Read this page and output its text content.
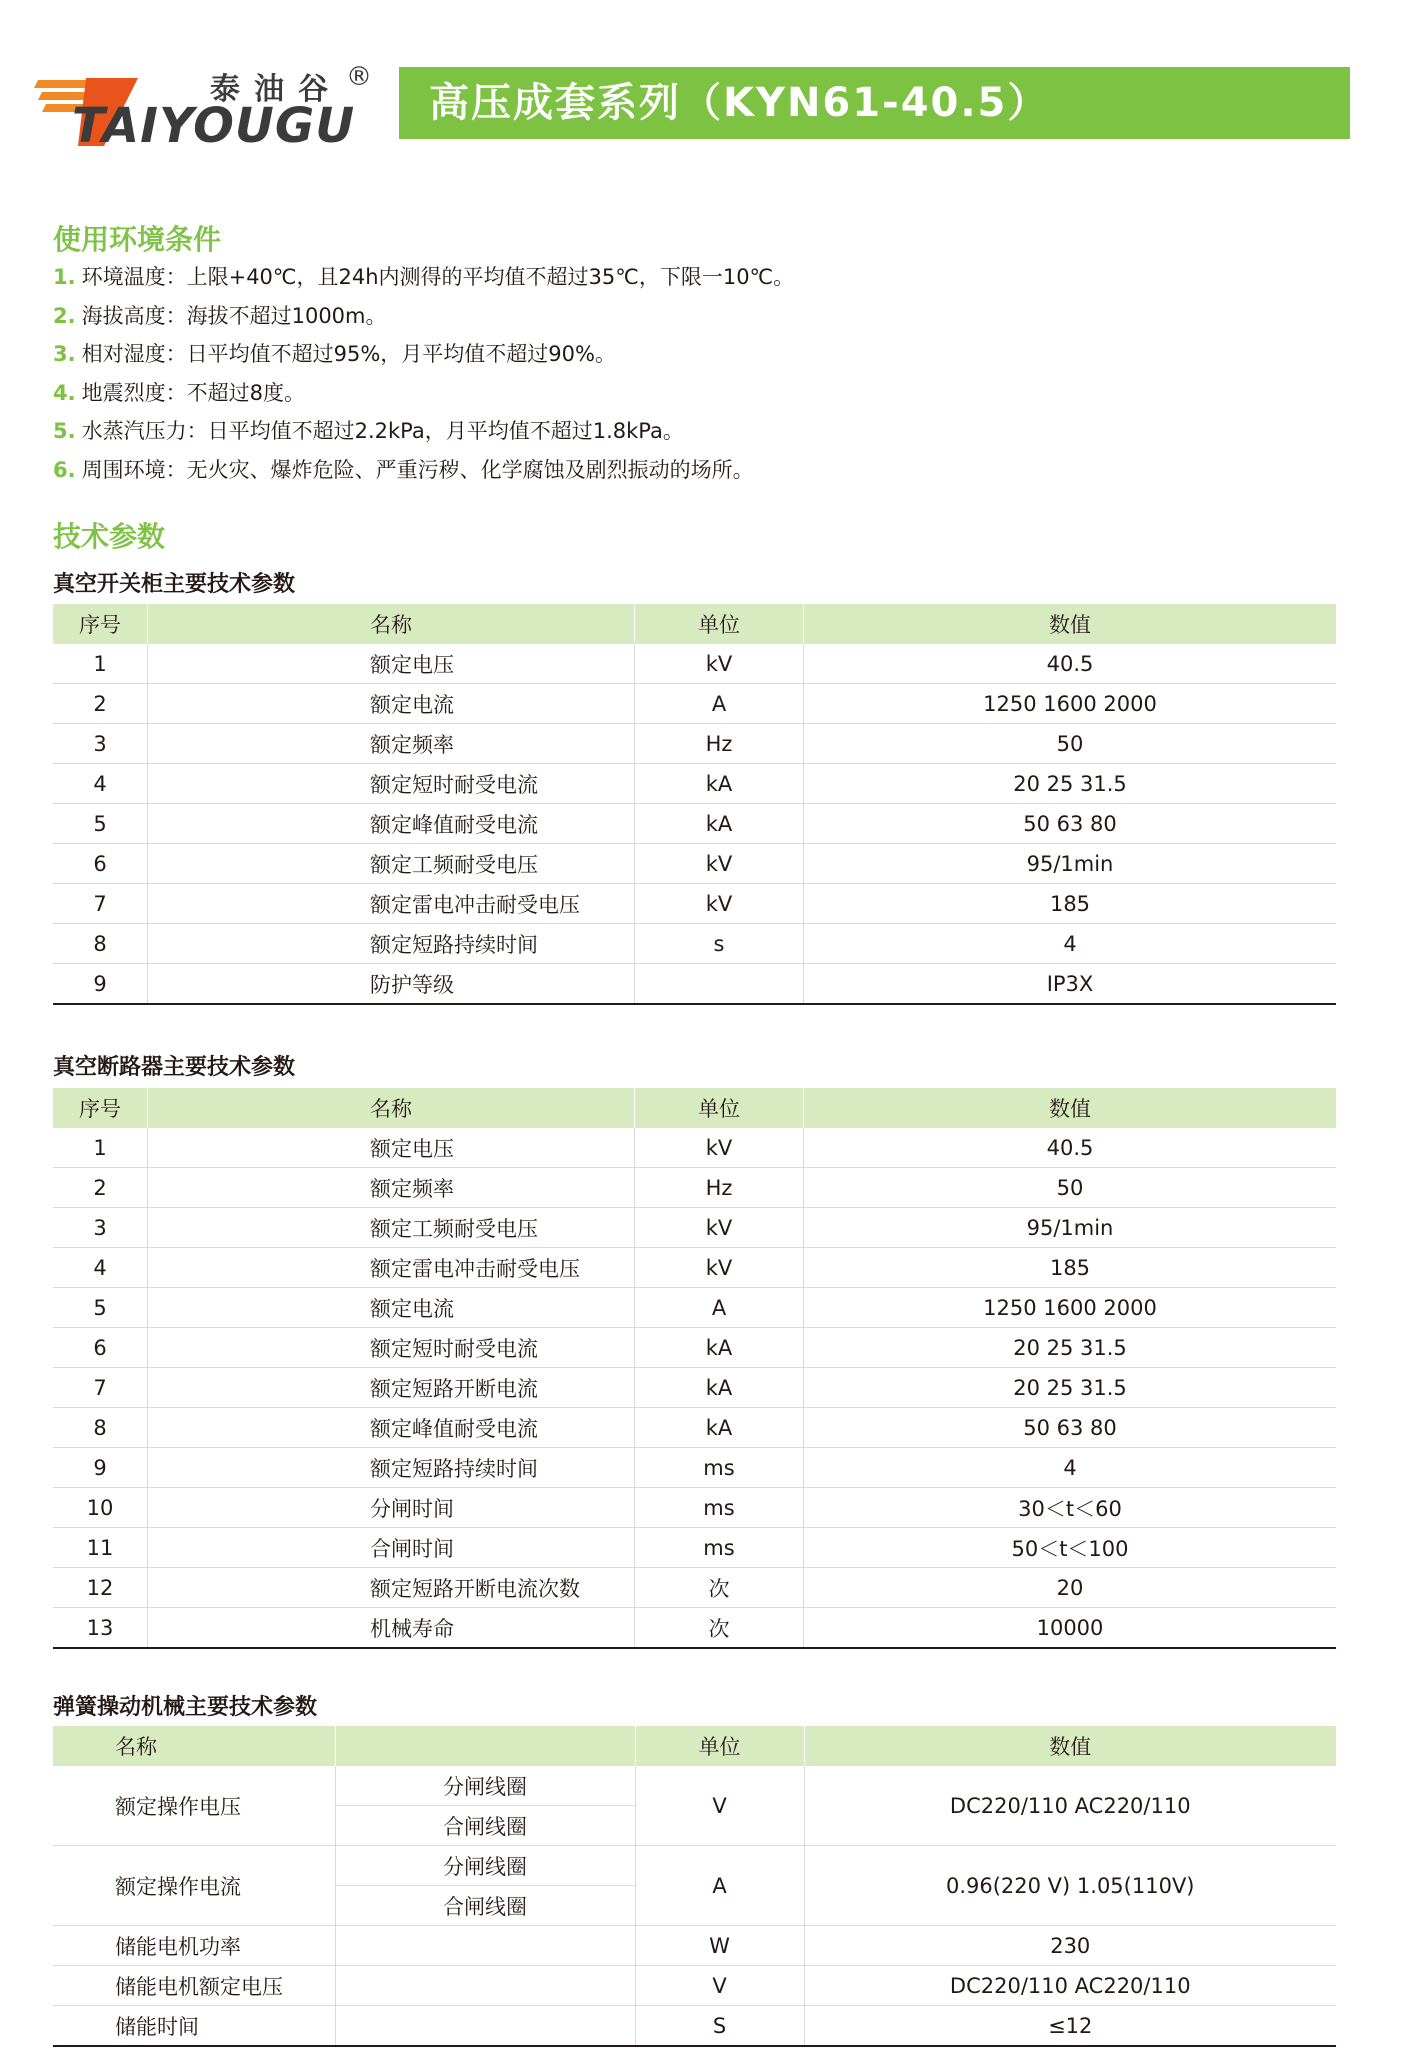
泰油谷 ®
TAIYOUGU	高压成套系列（KYN61-40.5）
使用环境条件
1. 环境温度：上限+40℃，且24h内测得的平均值不超过35℃，下限一10℃。
2. 海拔高度：海拔不超过1000m。
3. 相对湿度：日平均值不超过95%，月平均值不超过90%。
4. 地震烈度：不超过8度。
5. 水蒸汽压力：日平均值不超过2.2kPa，月平均值不超过1.8kPa。
6. 周围环境：无火灾、爆炸危险、严重污秽、化学腐蚀及剧烈振动的场所。
技术参数
真空开关柜主要技术参数
序号	名称	单位	数值
1	额定电压	kV	40.5
2	额定电流	A	1250 1600 2000
3	额定频率	Hz	50
4	额定短时耐受电流	kA	20 25 31.5
5	额定峰值耐受电流	kA	50 63 80
6	额定工频耐受电压	kV	95/1min
7	额定雷电冲击耐受电压	kV	185
8	额定短路持续时间	s	4
9	防护等级		IP3X
真空断路器主要技术参数
序号	名称	单位	数值
1	额定电压	kV	40.5
2	额定频率	Hz	50
3	额定工频耐受电压	kV	95/1min
4	额定雷电冲击耐受电压	kV	185
5	额定电流	A	1250 1600 2000
6	额定短时耐受电流	kA	20 25 31.5
7	额定短路开断电流	kA	20 25 31.5
8	额定峰值耐受电流	kA	50 63 80
9	额定短路持续时间	ms	4
10	分闸时间	ms	30＜t＜60
11	合闸时间	ms	50＜t＜100
12	额定短路开断电流次数	次	20
13	机械寿命	次	10000
弹簧操动机械主要技术参数
名称		单位	数值
额定操作电压	分闸线圈	V	DC220/110 AC220/110
	合闸线圈		
额定操作电流	分闸线圈	A	0.96(220 V) 1.05(110V)
	合闸线圈		
储能电机功率		W	230
储能电机额定电压		V	DC220/110 AC220/110
储能时间		S	≤12
